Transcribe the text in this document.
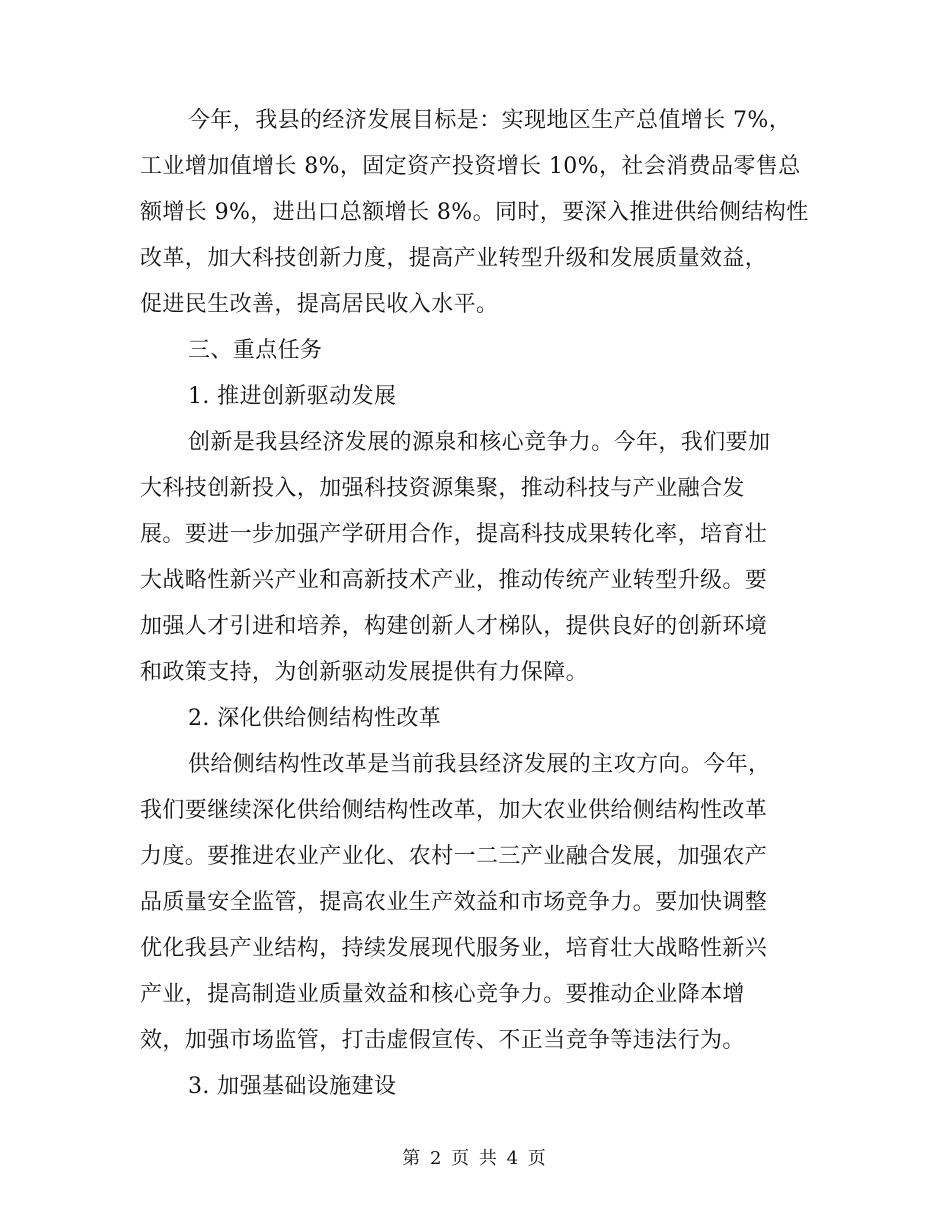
今年，我县的经济发展目标是：实现地区生产总值增长 7%，
工业增加值增长 8%，固定资产投资增长 10%，社会消费品零售总
额增长 9%，进出口总额增长 8%。同时，要深入推进供给侧结构性
改革，加大科技创新力度，提高产业转型升级和发展质量效益，
促进民生改善，提高居民收入水平。
三、重点任务
1. 推进创新驱动发展
创新是我县经济发展的源泉和核心竞争力。今年，我们要加
大科技创新投入，加强科技资源集聚，推动科技与产业融合发
展。要进一步加强产学研用合作，提高科技成果转化率，培育壮
大战略性新兴产业和高新技术产业，推动传统产业转型升级。要
加强人才引进和培养，构建创新人才梯队，提供良好的创新环境
和政策支持，为创新驱动发展提供有力保障。
2. 深化供给侧结构性改革
供给侧结构性改革是当前我县经济发展的主攻方向。今年，
我们要继续深化供给侧结构性改革，加大农业供给侧结构性改革
力度。要推进农业产业化、农村一二三产业融合发展，加强农产
品质量安全监管，提高农业生产效益和市场竞争力。要加快调整
优化我县产业结构，持续发展现代服务业，培育壮大战略性新兴
产业，提高制造业质量效益和核心竞争力。要推动企业降本增
效，加强市场监管，打击虚假宣传、不正当竞争等违法行为。
3. 加强基础设施建设
第 2 页 共 4 页
